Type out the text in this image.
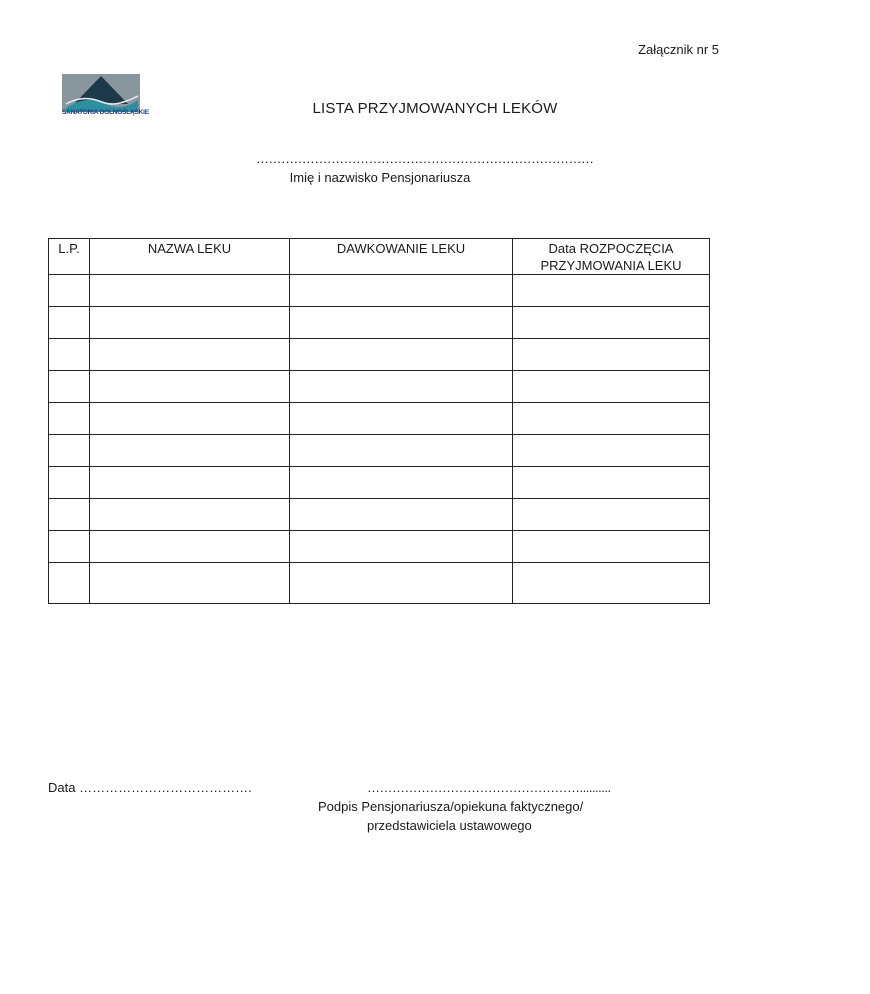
Załącznik nr 5
SANATORIA DOLNOŚLĄSKIE	LISTA PRZYJMOWANYCH LEKÓW
………………………………………………………………………
Imię i nazwisko Pensjonariusza
L.P.	NAZWA LEKU	DAWKOWANIE LEKU	Data ROZPOCZĘCIA PRZYJMOWANIA LEKU

Data ………………………………….	……………………………………………..........
Podpis Pensjonariusza/opiekuna faktycznego/
przedstawiciela ustawowego
